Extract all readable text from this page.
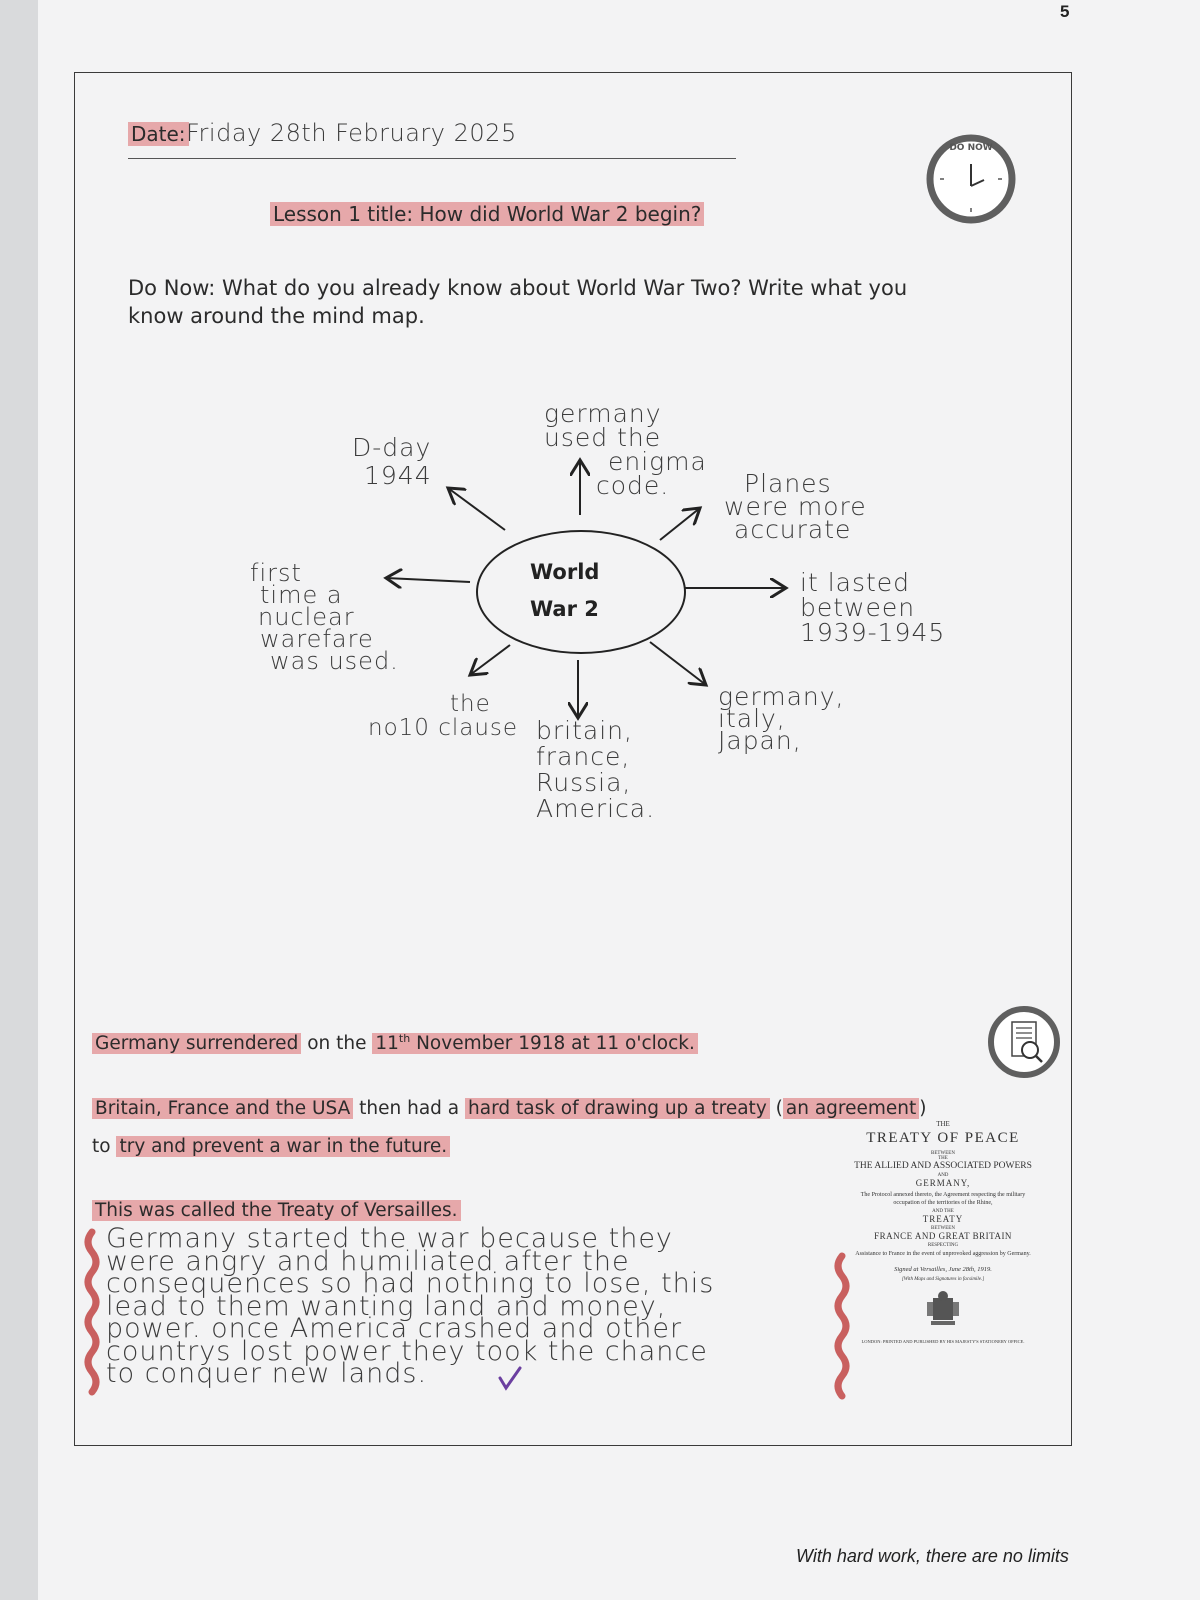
5
Date: Friday 28th February 2025
DO NOW
Lesson 1 title: How did World War 2 begin?
Do Now: What do you already know about World War Two? Write what you know around the mind map.
World
War 2
germany
used the
enigma
code.
D-day
1944	Planes
were more
accurate
first
time a
nuclear
warefare
was used.
it lasted
between
1939-1945
the
no10 clause britain,
france,
Russia,
America.
germany,
italy,
Japan,
Germany surrendered on the 11th November 1918 at 11 o'clock.
Britain, France and the USA then had a hard task of drawing up a treaty ( an agreement )
to try and prevent a war in the future.
This was called the Treaty of Versailles.
Germany started the war because they
were angry and humiliated after the
consequences so had nothing to lose, this
lead to them wanting land and money,
power. once America crashed and other
countrys lost power they took the chance
to conquer new lands.
THE
TREATY OF PEACE
BETWEEN
THE
THE ALLIED AND ASSOCIATED POWERS
AND
GERMANY,
The Protocol annexed thereto, the Agreement respecting the military occupation of the territories of the Rhine,
AND THE
TREATY
BETWEEN
FRANCE AND GREAT BRITAIN
RESPECTING
Assistance to France in the event of unprovoked aggression by Germany.
Signed at Versailles, June 28th, 1919.
[With Maps and Signatures in facsimile.]
LONDON: PRINTED AND PUBLISHED BY HIS MAJESTY'S STATIONERY OFFICE.
With hard work, there are no limits
